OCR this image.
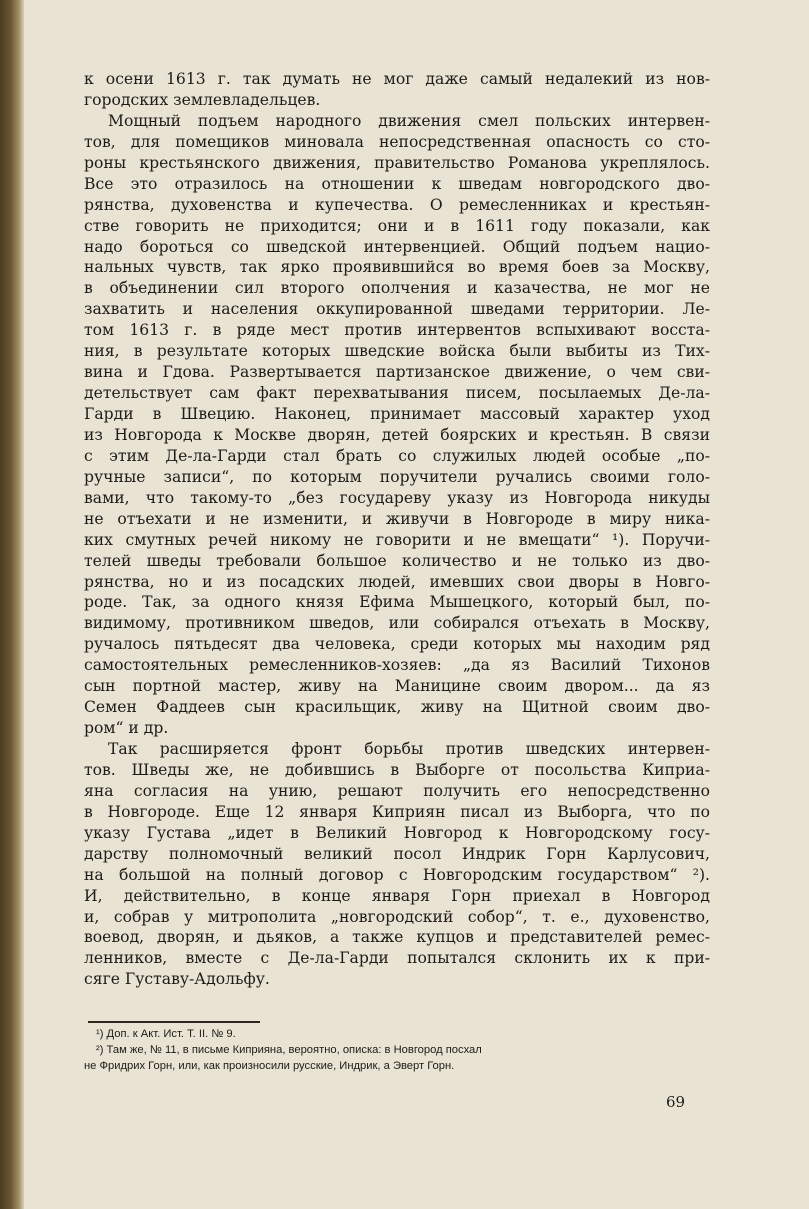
к осени 1613 г. так думать не мог даже самый недалекий из нов-
городских землевладельцев.
Мощный подъем народного движения смел польских интервен-
тов, для помещиков миновала непосредственная опасность со сто-
роны крестьянского движения, правительство Романова укреплялось.
Все это отразилось на отношении к шведам новгородского дво-
рянства, духовенства и купечества. О ремесленниках и крестьян-
стве говорить не приходится; они и в 1611 году показали, как
надо бороться со шведской интервенцией. Общий подъем нацио-
нальных чувств, так ярко проявившийся во время боев за Москву,
в объединении сил второго ополчения и казачества, не мог не
захватить и населения оккупированной шведами территории. Ле-
том 1613 г. в ряде мест против интервентов вспыхивают восста-
ния, в результате которых шведские войска были выбиты из Тих-
вина и Гдова. Развертывается партизанское движение, о чем сви-
детельствует сам факт перехватывания писем, посылаемых Де-ла-
Гарди в Швецию. Наконец, принимает массовый характер уход
из Новгорода к Москве дворян, детей боярских и крестьян. В связи
с этим Де-ла-Гарди стал брать со служилых людей особые „по-
ручные записи“, по которым поручители ручались своими голо-
вами, что такому-то „без государеву указу из Новгорода никуды
не отъехати и не изменити, и живучи в Новгороде в миру ника-
ких смутных речей никому не говорити и не вмещати“ ¹). Поручи-
телей шведы требовали большое количество и не только из дво-
рянства, но и из посадских людей, имевших свои дворы в Новго-
роде. Так, за одного князя Ефима Мышецкого, который был, по-
видимому, противником шведов, или собирался отъехать в Москву,
ручалось пятьдесят два человека, среди которых мы находим ряд
самостоятельных ремесленников-хозяев: „да яз Василий Тихонов
сын портной мастер, живу на Маницине своим двором... да яз
Семен Фаддеев сын красильщик, живу на Щитной своим дво-
ром“ и др.
Так расширяется фронт борьбы против шведских интервен-
тов. Шведы же, не добившись в Выборге от посольства Киприа-
яна согласия на унию, решают получить его непосредственно
в Новгороде. Еще 12 января Киприян писал из Выборга, что по
указу Густава „идет в Великий Новгород к Новгородскому госу-
дарству полномочный великий посол Индрик Горн Карлусович,
на большой на полный договор с Новгородским государством“ ²).
И, действительно, в конце января Горн приехал в Новгород
и, собрав у митрополита „новгородский собор“, т. е., духовенство,
воевод, дворян, и дьяков, а также купцов и представителей ремес-
ленников, вместе с Де-ла-Гарди попытался склонить их к при-
сяге Густаву-Адольфу.
¹) Доп. к Акт. Ист. Т. II. № 9.
²) Там же, № 11, в письме Киприяна, вероятно, описка: в Новгород посхал
не Фридрих Горн, или, как произносили русские, Индрик, а Эверт Горн.
69
